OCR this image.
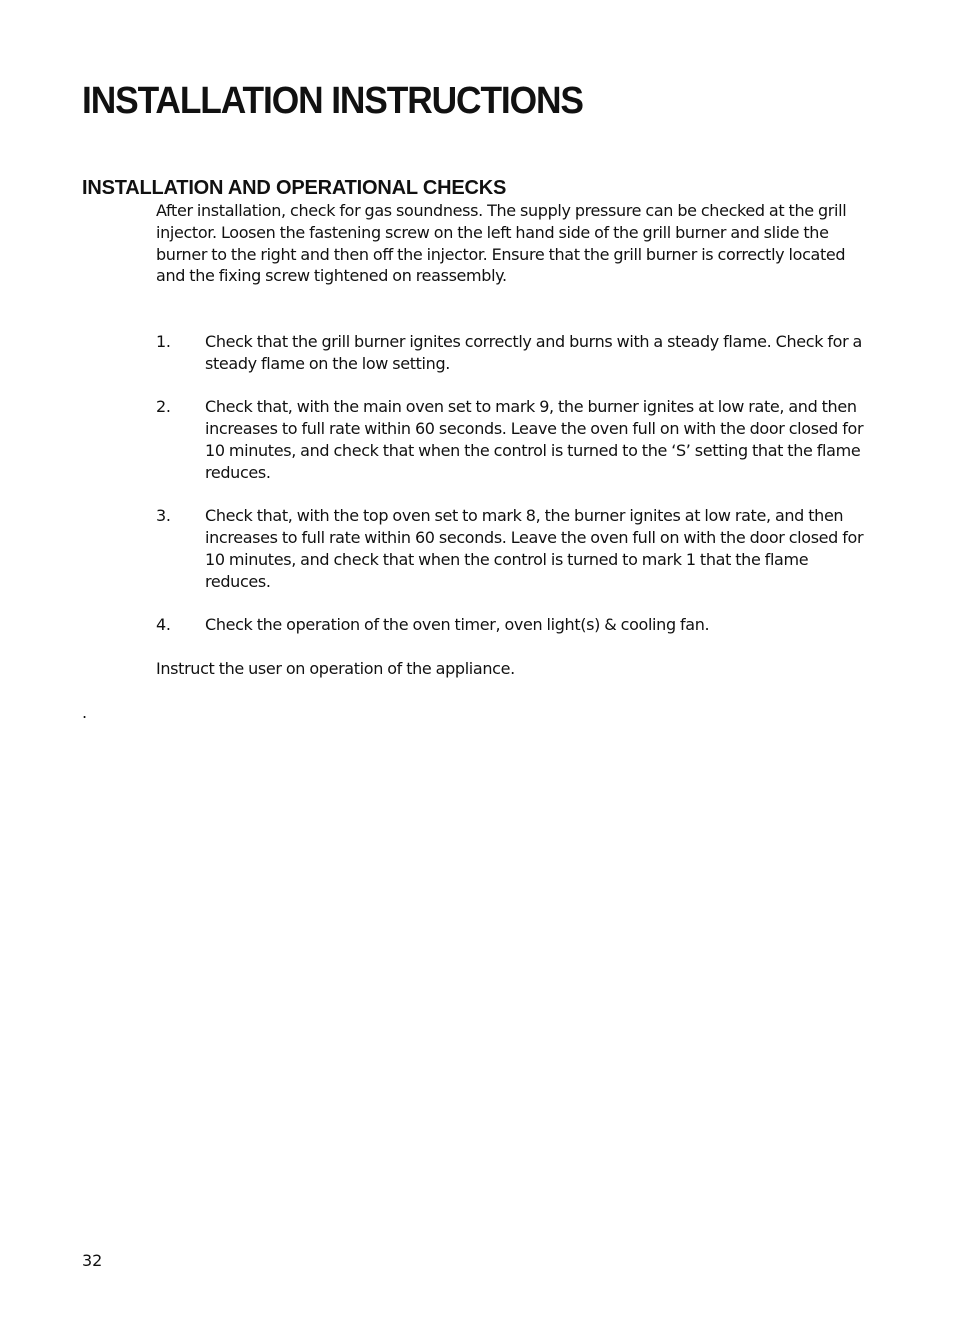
INSTALLATION INSTRUCTIONS
INSTALLATION AND OPERATIONAL CHECKS

After installation, check for gas soundness. The supply pressure can be checked at the grill injector. Loosen the fastening screw on the left hand side of the grill burner and slide the burner to the right and then off the injector. Ensure that the grill burner is correctly located and the fixing screw tightened on reassembly.

1.	Check that the grill burner ignites correctly and burns with a steady flame. Check for a steady flame on the low setting.
2.	Check that, with the main oven set to mark 9, the burner ignites at low rate, and then increases to full rate within 60 seconds. Leave the oven full on with the door closed for 10 minutes, and check that when the control is turned to the ‘S’ setting that the flame reduces.
3.	Check that, with the top oven set to mark 8, the burner ignites at low rate, and then increases to full rate within 60 seconds. Leave the oven full on with the door closed for 10 minutes, and check that when the control is turned to mark 1 that the flame reduces.
4.	Check the operation of the oven timer, oven light(s) & cooling fan.

Instruct the user on operation of the appliance.

.
32
